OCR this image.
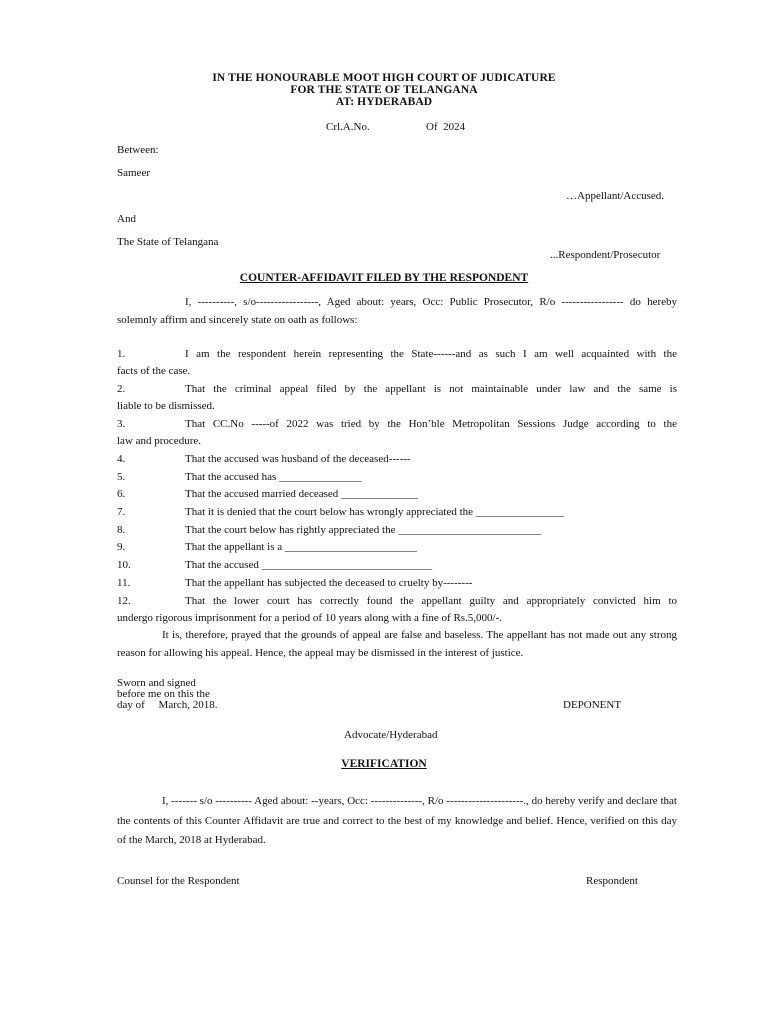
IN THE HONOURABLE MOOT HIGH COURT OF JUDICATURE
FOR THE STATE OF TELANGANA
AT: HYDERABAD
Crl.A.No.	Of  2024
Between:
Sameer
…Appellant/Accused.
And
The State of Telangana
...Respondent/Prosecutor
COUNTER-AFFIDAVIT FILED BY THE RESPONDENT
I, ----------, s/o-----------------, Aged about: years, Occ: Public Prosecutor, R/o ----------------- do hereby solemnly affirm and sincerely state on oath as follows:
1.	I am the respondent herein representing the State------and as such I am well acquainted with the
facts of the case.
2.	That the criminal appeal filed by the appellant is not maintainable under law and the same is
liable to be dismissed.
3.	That CC.No -----of 2022 was tried by the Hon’ble Metropolitan Sessions Judge according to the
law and procedure.
4.	That the accused was husband of the deceased------
5.	That the accused has _______________
6.	That the accused married deceased ______________
7.	That it is denied that the court below has wrongly appreciated the ________________
8.	That the court below has rightly appreciated the __________________________
9.	That the appellant is a ________________________
10.	That the accused _______________________________
11.	That the appellant has subjected the deceased to cruelty by--------
12.	That the lower court has correctly found the appellant guilty and appropriately convicted him to
undergo rigorous imprisonment for a period of 10 years along with a fine of Rs.5,000/-.
It is, therefore, prayed that the grounds of appeal are false and baseless. The appellant has not made out any strong reason for allowing his appeal. Hence, the appeal may be dismissed in the interest of justice.
Sworn and signed
before me on this the
day of     March, 2018.	DEPONENT
Advocate/Hyderabad
VERIFICATION
I, ------- s/o ---------- Aged about: --years, Occ: --------------, R/o ---------------------., do hereby verify and declare that the contents of this Counter Affidavit are true and correct to the best of my knowledge and belief. Hence, verified on this day of the March, 2018 at Hyderabad.
Counsel for the Respondent	Respondent
